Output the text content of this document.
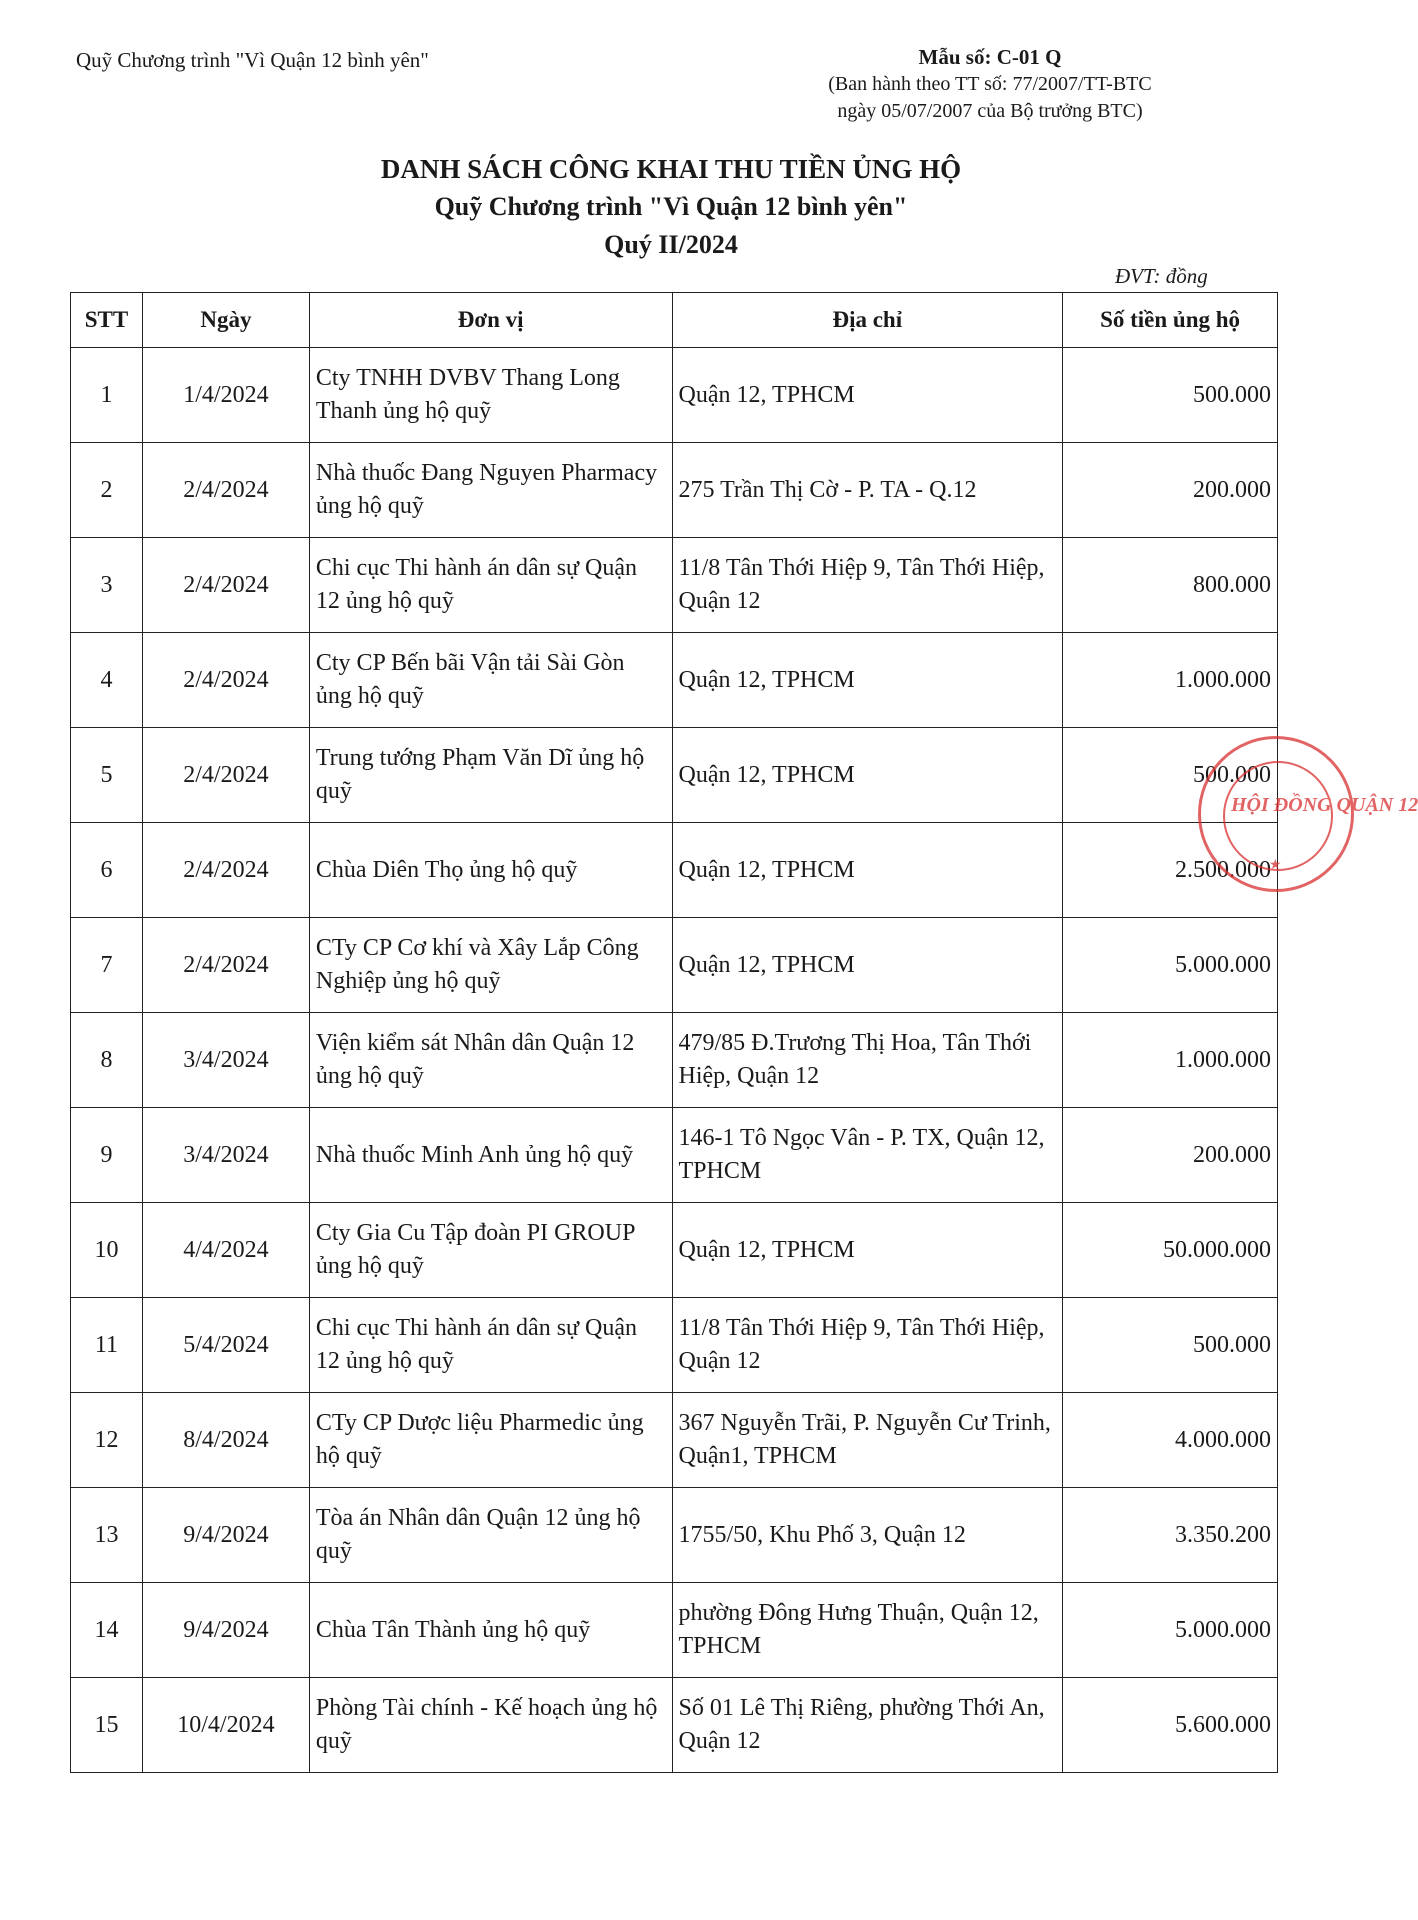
Quỹ Chương trình "Vì Quận 12 bình yên"	Mẫu số: C-01 Q
(Ban hành theo TT số: 77/2007/TT-BTC
ngày 05/07/2007 của Bộ trưởng BTC)
DANH SÁCH CÔNG KHAI THU TIỀN ỦNG HỘ
Quỹ Chương trình "Vì Quận 12 bình yên"
Quý II/2024
ĐVT: đồng
STT	Ngày	Đơn vị	Địa chỉ	Số tiền ủng hộ
1	1/4/2024	Cty TNHH DVBV Thang Long Thanh ủng hộ quỹ	Quận 12, TPHCM	500.000
2	2/4/2024	Nhà thuốc Đang Nguyen Pharmacy ủng hộ quỹ	275 Trần Thị Cờ - P. TA - Q.12	200.000
3	2/4/2024	Chi cục Thi hành án dân sự Quận 12 ủng hộ quỹ	11/8 Tân Thới Hiệp 9, Tân Thới Hiệp, Quận 12	800.000
4	2/4/2024	Cty CP Bến bãi Vận tải Sài Gòn ủng hộ quỹ	Quận 12, TPHCM	1.000.000
5	2/4/2024	Trung tướng Phạm Văn Dĩ ủng hộ quỹ	Quận 12, TPHCM	500.000
6	2/4/2024	Chùa Diên Thọ ủng hộ quỹ	Quận 12, TPHCM	2.500.000
7	2/4/2024	CTy CP Cơ khí và Xây Lắp Công Nghiệp ủng hộ quỹ	Quận 12, TPHCM	5.000.000
8	3/4/2024	Viện kiểm sát Nhân dân Quận 12 ủng hộ quỹ	479/85 Đ.Trương Thị Hoa, Tân Thới Hiệp, Quận 12	1.000.000
9	3/4/2024	Nhà thuốc Minh Anh ủng hộ quỹ	146-1 Tô Ngọc Vân - P. TX, Quận 12, TPHCM	200.000
10	4/4/2024	Cty Gia Cu Tập đoàn PI GROUP ủng hộ quỹ	Quận 12, TPHCM	50.000.000
11	5/4/2024	Chi cục Thi hành án dân sự Quận 12 ủng hộ quỹ	11/8 Tân Thới Hiệp 9, Tân Thới Hiệp, Quận 12	500.000
12	8/4/2024	CTy CP Dược liệu Pharmedic ủng hộ quỹ	367 Nguyễn Trãi, P. Nguyễn Cư Trinh, Quận1, TPHCM	4.000.000
13	9/4/2024	Tòa án Nhân dân Quận 12 ủng hộ quỹ	1755/50, Khu Phố 3, Quận 12	3.350.200
14	9/4/2024	Chùa Tân Thành ủng hộ quỹ	phường Đông Hưng Thuận, Quận 12, TPHCM	5.000.000
15	10/4/2024	Phòng Tài chính - Kế hoạch ủng hộ quỹ	Số 01 Lê Thị Riêng, phường Thới An, Quận 12	5.600.000
HỘI ĐỒNG QUẬN 12
★
